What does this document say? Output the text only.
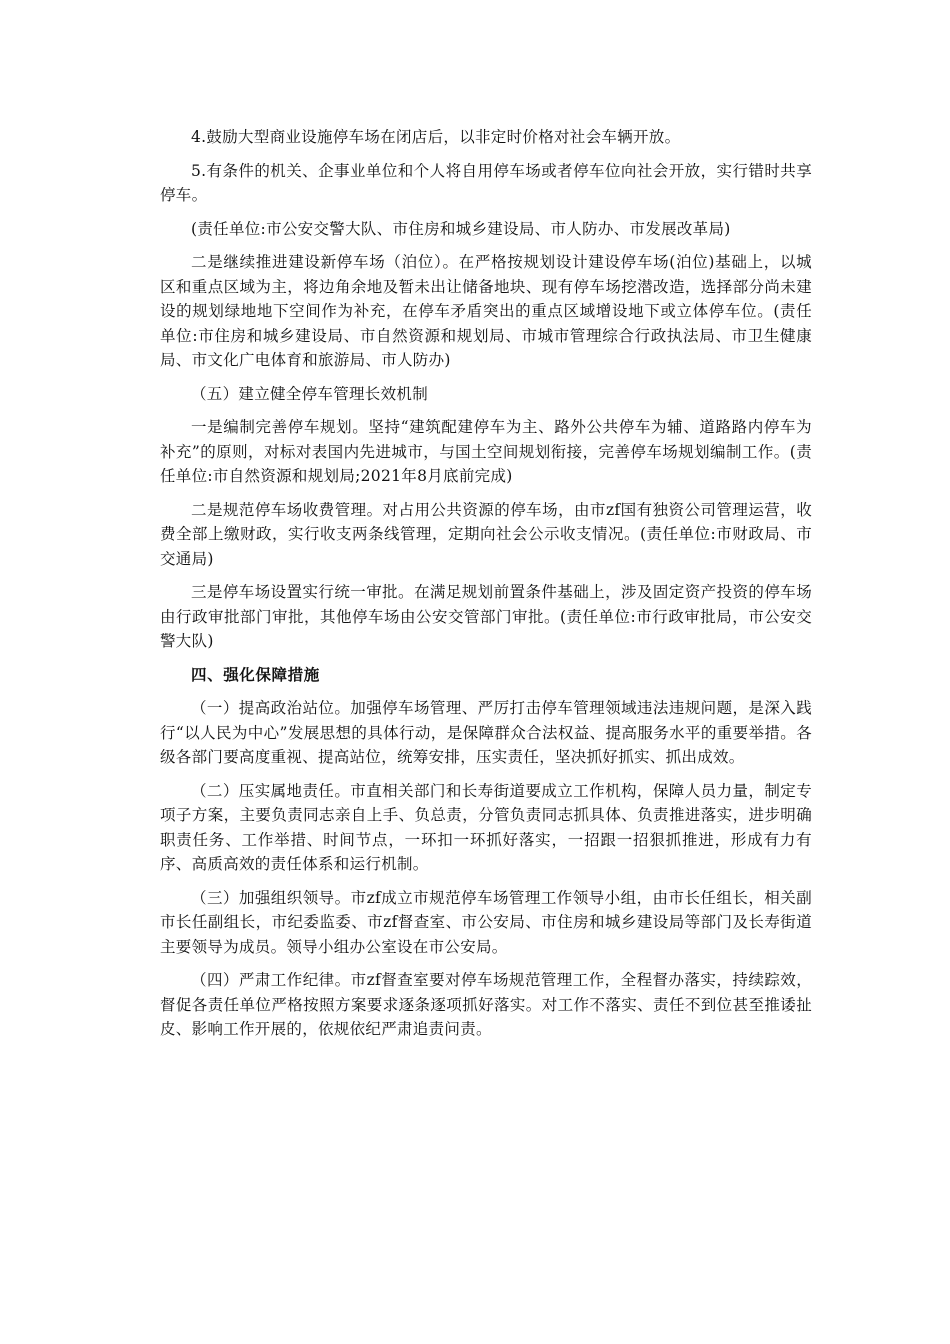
4.鼓励大型商业设施停车场在闭店后，以非定时价格对社会车辆开放。

5.有条件的机关、企事业单位和个人将自用停车场或者停车位向社会开放，实行错时共享停车。

(责任单位:市公安交警大队、市住房和城乡建设局、市人防办、市发展改革局)

二是继续推进建设新停车场（泊位）。在严格按规划设计建设停车场(泊位)基础上，以城区和重点区域为主，将边角余地及暂未出让储备地块、现有停车场挖潜改造，选择部分尚未建设的规划绿地地下空间作为补充，在停车矛盾突出的重点区域增设地下或立体停车位。(责任单位:市住房和城乡建设局、市自然资源和规划局、市城市管理综合行政执法局、市卫生健康局、市文化广电体育和旅游局、市人防办)

（五）建立健全停车管理长效机制

一是编制完善停车规划。坚持“建筑配建停车为主、路外公共停车为辅、道路路内停车为补充”的原则，对标对表国内先进城市，与国土空间规划衔接，完善停车场规划编制工作。(责任单位:市自然资源和规划局;2021年8月底前完成)

二是规范停车场收费管理。对占用公共资源的停车场，由市zf国有独资公司管理运营，收费全部上缴财政，实行收支两条线管理，定期向社会公示收支情况。(责任单位:市财政局、市交通局)

三是停车场设置实行统一审批。在满足规划前置条件基础上，涉及固定资产投资的停车场由行政审批部门审批，其他停车场由公安交管部门审批。(责任单位:市行政审批局，市公安交警大队)

四、强化保障措施

（一）提高政治站位。加强停车场管理、严厉打击停车管理领域违法违规问题，是深入践行“以人民为中心”发展思想的具体行动，是保障群众合法权益、提高服务水平的重要举措。各级各部门要高度重视、提高站位，统筹安排，压实责任，坚决抓好抓实、抓出成效。

（二）压实属地责任。市直相关部门和长寿街道要成立工作机构，保障人员力量，制定专项子方案，主要负责同志亲自上手、负总责，分管负责同志抓具体、负责推进落实，进步明确职责任务、工作举措、时间节点，一环扣一环抓好落实，一招跟一招狠抓推进，形成有力有序、高质高效的责任体系和运行机制。

（三）加强组织领导。市zf成立市规范停车场管理工作领导小组，由市长任组长，相关副市长任副组长，市纪委监委、市zf督查室、市公安局、市住房和城乡建设局等部门及长寿街道主要领导为成员。领导小组办公室设在市公安局。

（四）严肃工作纪律。市zf督查室要对停车场规范管理工作，全程督办落实，持续踪效，督促各责任单位严格按照方案要求逐条逐项抓好落实。对工作不落实、责任不到位甚至推诿扯皮、影响工作开展的，依规依纪严肃追责问责。
